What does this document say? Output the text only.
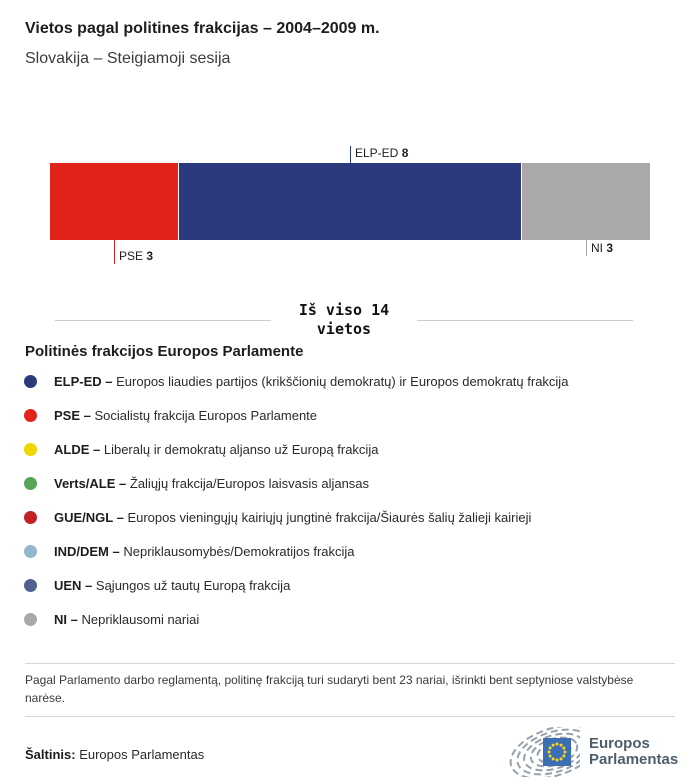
Vietos pagal politines frakcijas – 2004–2009 m.
Slovakija – Steigiamoji sesija
PSE 3
ELP-ED 8
NI 3
Iš viso 14
vietos
Politinės frakcijos Europos Parlamente
ELP-ED – Europos liaudies partijos (krikščionių demokratų) ir Europos demokratų frakcija
PSE – Socialistų frakcija Europos Parlamente
ALDE – Liberalų ir demokratų aljanso už Europą frakcija
Verts/ALE – Žaliųjų frakcija/Europos laisvasis aljansas
GUE/NGL – Europos vieningųjų kairiųjų jungtinė frakcija/Šiaurės šalių žalieji kairieji
IND/DEM – Nepriklausomybės/Demokratijos frakcija
UEN – Sąjungos už tautų Europą frakcija
NI – Nepriklausomi nariai
Pagal Parlamento darbo reglamentą, politinę frakciją turi sudaryti bent 23 nariai, išrinkti bent septyniose valstybėse narėse.
Šaltinis: Europos Parlamentas
Europos
Parlamentas
